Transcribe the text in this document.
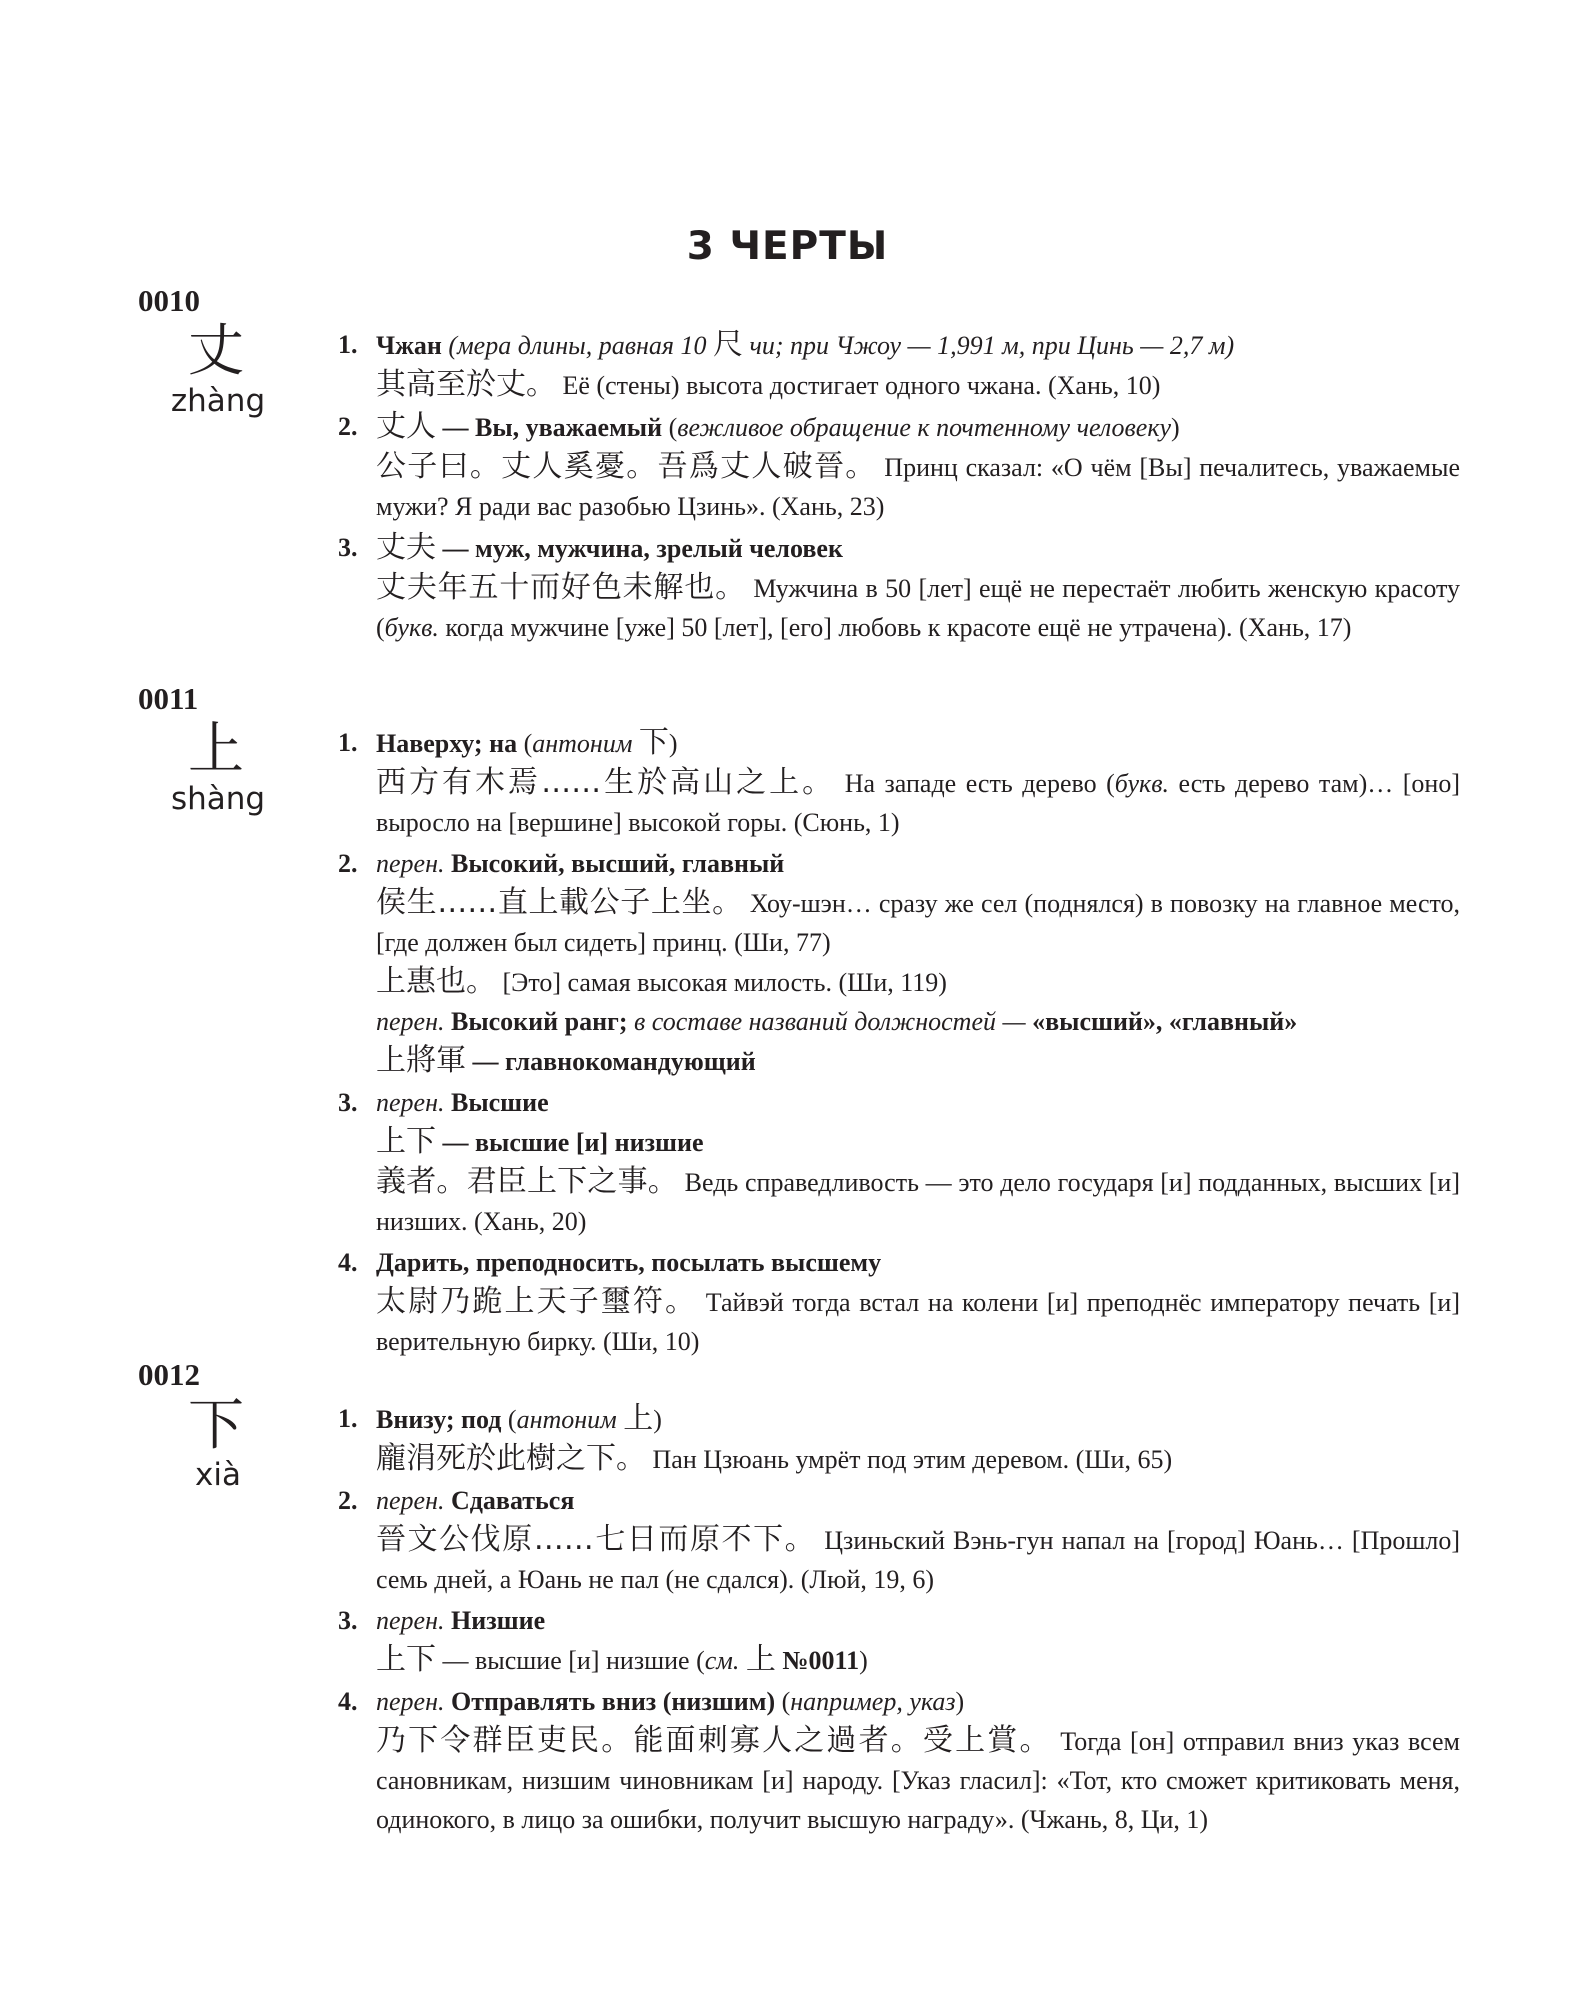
3 ЧЕРТЫ
0010
丈
zhàng
1. Чжан (мера длины, равная 10 尺 чи; при Чжоу — 1,991 м, при Цинь — 2,7 м)
其高至於丈。 Её (стены) высота достигает одного чжана. (Хань, 10)
2. 丈人 — Вы, уважаемый (вежливое обращение к почтенному человеку)
公子曰。丈人奚憂。吾爲丈人破晉。 Принц сказал: «О чём [Вы] печалитесь, уважаемые мужи? Я ради вас разобью Цзинь». (Хань, 23)
3. 丈夫 — муж, мужчина, зрелый человек
丈夫年五十而好色未解也。 Мужчина в 50 [лет] ещё не перестаёт любить женскую красоту (букв. когда мужчине [уже] 50 [лет], [его] любовь к красоте ещё не утрачена). (Хань, 17)
0011
上
shàng
1. Наверху; на (антоним 下)
西方有木焉……生於高山之上。 На западе есть дерево (букв. есть дерево там)… [оно] выросло на [вершине] высокой горы. (Сюнь, 1)
2. перен. Высокий, высший, главный
侯生……直上載公子上坐。 Хоу-шэн… сразу же сел (поднялся) в повозку на главное место, [где должен был сидеть] принц. (Ши, 77)
上惠也。 [Это] самая высокая милость. (Ши, 119)
перен. Высокий ранг; в составе названий должностей — «высший», «главный»
上將軍 — главнокомандующий
3. перен. Высшие
上下 — высшие [и] низшие
義者。君臣上下之事。 Ведь справедливость — это дело государя [и] подданных, высших [и] низших. (Хань, 20)
4. Дарить, преподносить, посылать высшему
太尉乃跪上天子璽符。 Тайвэй тогда встал на колени [и] преподнёс императору печать [и] верительную бирку. (Ши, 10)
0012
下
xià
1. Внизу; под (антоним 上)
龐涓死於此樹之下。 Пан Цзюань умрёт под этим деревом. (Ши, 65)
2. перен. Сдаваться
晉文公伐原……七日而原不下。 Цзиньский Вэнь-гун напал на [город] Юань… [Прошло] семь дней, а Юань не пал (не сдался). (Люй, 19, 6)
3. перен. Низшие
上下 — высшие [и] низшие (см. 上 №0011)
4. перен. Отправлять вниз (низшим) (например, указ)
乃下令群臣吏民。能面刺寡人之過者。受上賞。 Тогда [он] отправил вниз указ всем сановникам, низшим чиновникам [и] народу. [Указ гласил]: «Тот, кто сможет критиковать меня, одинокого, в лицо за ошибки, получит высшую награду». (Чжань, 8, Ци, 1)
